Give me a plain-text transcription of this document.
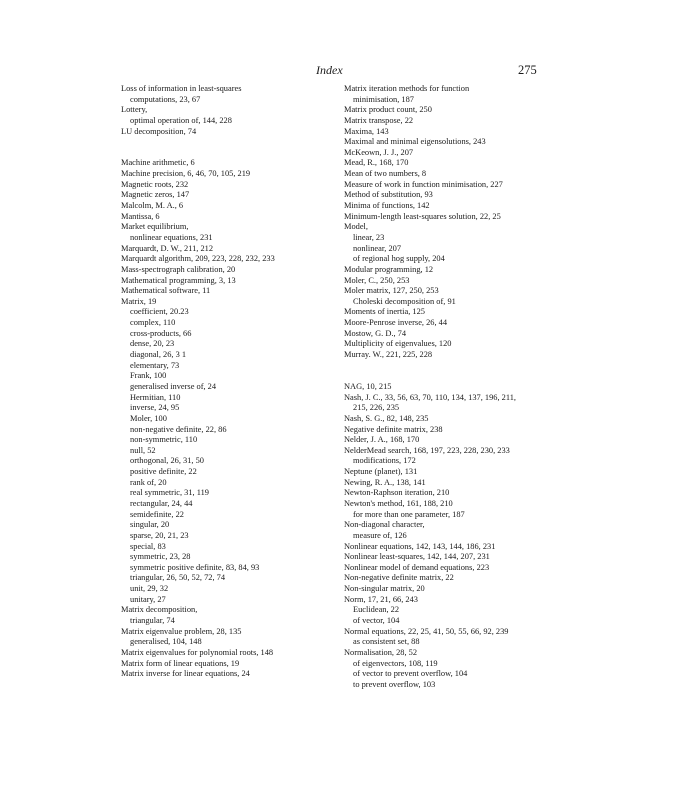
Index	275
Loss of information in least-squares
computations, 23, 67
Lottery,
optimal operation of, 144, 228
LU decomposition, 74
Machine arithmetic, 6
Machine precision, 6, 46, 70, 105, 219
Magnetic roots, 232
Magnetic zeros, 147
Malcolm, M. A., 6
Mantissa, 6
Market equilibrium,
nonlinear equations, 231
Marquardt, D. W., 211, 212
Marquardt algorithm, 209, 223, 228, 232, 233
Mass-spectrograph calibration, 20
Mathematical programming, 3, 13
Mathematical software, 11
Matrix, 19
coefficient, 20.23
complex, 110
cross-products, 66
dense, 20, 23
diagonal, 26, 3 1
elementary, 73
Frank, 100
generalised inverse of, 24
Hermitian, 110
inverse, 24, 95
Moler, 100
non-negative definite, 22, 86
non-symmetric, 110
null, 52
orthogonal, 26, 31, 50
positive definite, 22
rank of, 20
real symmetric, 31, 119
rectangular, 24, 44
semidefinite, 22
singular, 20
sparse, 20, 21, 23
special, 83
symmetric, 23, 28
symmetric positive definite, 83, 84, 93
triangular, 26, 50, 52, 72, 74
unit, 29, 32
unitary, 27
Matrix decomposition,
triangular, 74
Matrix eigenvalue problem, 28, 135
generalised, 104, 148
Matrix eigenvalues for polynomial roots, 148
Matrix form of linear equations, 19
Matrix inverse for linear equations, 24
Matrix iteration methods for function
minimisation, 187
Matrix product count, 250
Matrix transpose, 22
Maxima, 143
Maximal and minimal eigensolutions, 243
McKeown, J. J., 207
Mead, R., 168, 170
Mean of two numbers, 8
Measure of work in function minimisation, 227
Method of substitution, 93
Minima of functions, 142
Minimum-length least-squares solution, 22, 25
Model,
linear, 23
nonlinear, 207
of regional hog supply, 204
Modular programming, 12
Moler, C., 250, 253
Moler matrix, 127, 250, 253
Choleski decomposition of, 91
Moments of inertia, 125
Moore-Penrose inverse, 26, 44
Mostow, G. D., 74
Multiplicity of eigenvalues, 120
Murray. W., 221, 225, 228
NAG, 10, 215
Nash, J. C., 33, 56, 63, 70, 110, 134, 137, 196, 211,
215, 226, 235
Nash, S. G., 82, 148, 235
Negative definite matrix, 238
Nelder, J. A., 168, 170
NelderMead search, 168, 197, 223, 228, 230, 233
modifications, 172
Neptune (planet), 131
Newing, R. A., 138, 141
Newton-Raphson iteration, 210
Newton's method, 161, 188, 210
for more than one parameter, 187
Non-diagonal character,
measure of, 126
Nonlinear equations, 142, 143, 144, 186, 231
Nonlinear least-squares, 142, 144, 207, 231
Nonlinear model of demand equations, 223
Non-negative definite matrix, 22
Non-singular matrix, 20
Norm, 17, 21, 66, 243
Euclidean, 22
of vector, 104
Normal equations, 22, 25, 41, 50, 55, 66, 92, 239
as consistent set, 88
Normalisation, 28, 52
of eigenvectors, 108, 119
of vector to prevent overflow, 104
to prevent overflow, 103
